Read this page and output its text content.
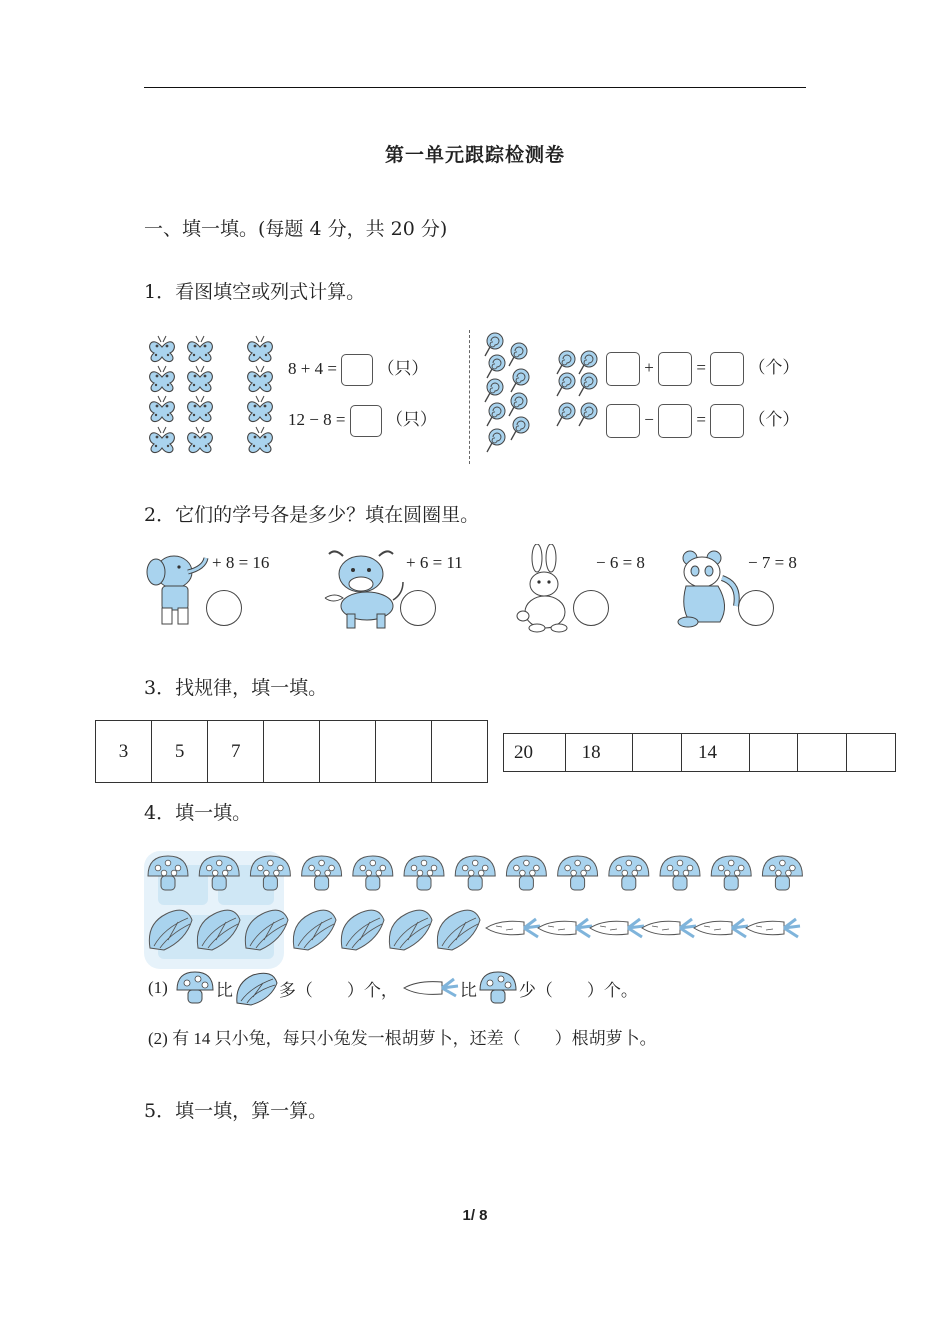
第一单元跟踪检测卷
一、填一填。(每题 4 分，共 20 分)
1．看图填空或列式计算。
8 + 4 = （只）
12 − 8 = （只）
+	=	（个）
−	=	（个）
2．它们的学号各是多少？填在圆圈里。
+ 8 = 16	+ 6 = 11	− 6 = 8	− 7 = 8
3．找规律，填一填。
3	5	7					20	18		14			
4．填一填。
(1)	比	多（　　）个，	比 少（　　）个。
(2) 有 14 只小兔，每只小兔发一根胡萝卜，还差（　　）根胡萝卜。
5．填一填，算一算。
1/ 8
